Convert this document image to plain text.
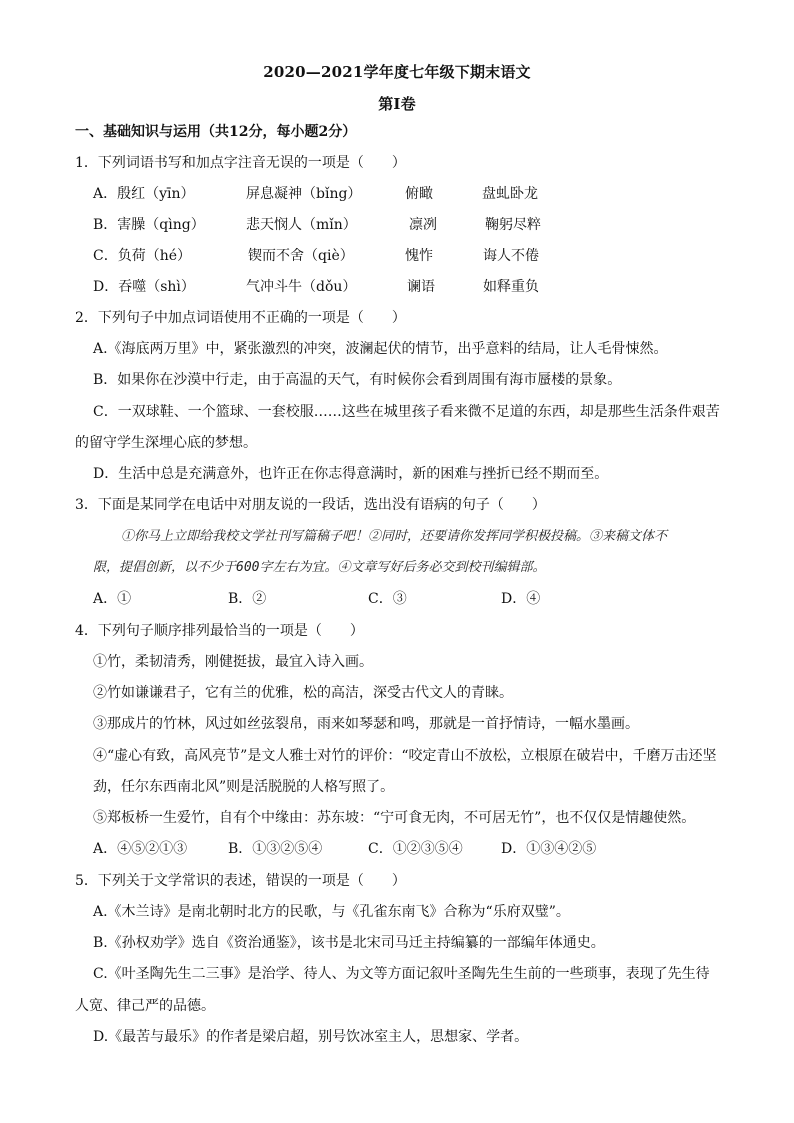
2020—2021学年度七年级下期末语文
第I卷
一、基础知识与运用（共12分，每小题2分）
1．下列词语书写和加点字注音无误的一项是（　　）
A．殷红（yīn）	屏息凝神（bǐng）	俯瞰	盘虬卧龙
B．害臊（qìng）	悲天悯人（mǐn）	凛冽	鞠躬尽粹
C．负荷（hé）	锲而不舍（qiè）	愧怍	诲人不倦
D．吞噬（shì）	气冲斗牛（dǒu）	谰语	如释重负
2．下列句子中加点词语使用不正确的一项是（　　）
A.《海底两万里》中，紧张激烈的冲突，波澜起伏的情节，出乎意料的结局，让人毛骨悚然。
B．如果你在沙漠中行走，由于高温的天气，有时候你会看到周围有海市蜃楼的景象。
C．一双球鞋、一个篮球、一套校服……这些在城里孩子看来微不足道的东西，却是那些生活条件艰苦
的留守学生深埋心底的梦想。
D．生活中总是充满意外，也许正在你志得意满时，新的困难与挫折已经不期而至。
3．下面是某同学在电话中对朋友说的一段话，选出没有语病的句子（　　）
①你马上立即给我校文学社刊写篇稿子吧！②同时，还要请你发挥同学积极投稿。③来稿文体不
限，提倡创新，以不少于600字左右为宜。④文章写好后务必交到校刊编辑部。
A．①	B．②	C．③	D．④
4．下列句子顺序排列最恰当的一项是（　　）
①竹，柔韧清秀，刚健挺拔，最宜入诗入画。
②竹如谦谦君子，它有兰的优雅，松的高洁，深受古代文人的青睐。
③那成片的竹林，风过如丝弦裂帛，雨来如琴瑟和鸣，那就是一首抒情诗，一幅水墨画。
④“虚心有致，高风亮节”是文人雅士对竹的评价：“咬定青山不放松，立根原在破岩中，千磨万击还坚
劲，任尔东西南北风”则是活脱脱的人格写照了。
⑤郑板桥一生爱竹，自有个中缘由：苏东坡：“宁可食无肉，不可居无竹”，也不仅仅是情趣使然。
A．④⑤②①③	B．①③②⑤④	C．①②③⑤④	D．①③④②⑤
5．下列关于文学常识的表述，错误的一项是（　　）
A.《木兰诗》是南北朝时北方的民歌，与《孔雀东南飞》合称为“乐府双璧”。
B.《孙权劝学》选自《资治通鉴》，该书是北宋司马迁主持编纂的一部编年体通史。
C.《叶圣陶先生二三事》是治学、待人、为文等方面记叙叶圣陶先生生前的一些琐事，表现了先生待
人宽、律己严的品德。
D.《最苦与最乐》的作者是梁启超，别号饮冰室主人，思想家、学者。
